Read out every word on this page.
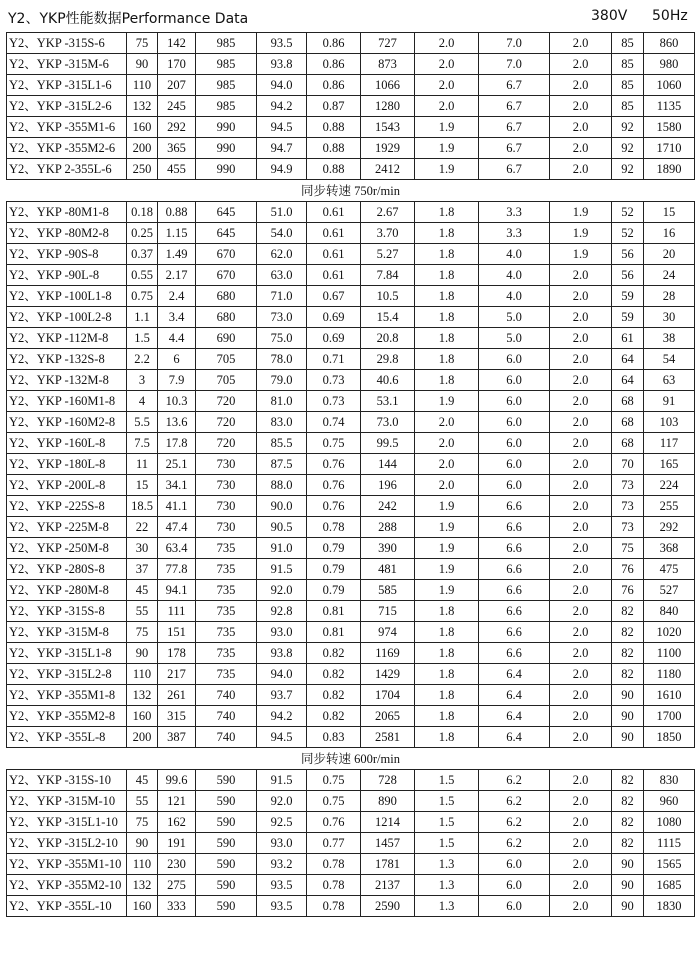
Y2、YKP性能数据Performance Data	380V 50Hz
Y2、YKP -315S-6	75	142	985	93.5	0.86	727	2.0	7.0	2.0	85	860
Y2、YKP -315M-6	90	170	985	93.8	0.86	873	2.0	7.0	2.0	85	980
Y2、YKP -315L1-6	110	207	985	94.0	0.86	1066	2.0	6.7	2.0	85	1060
Y2、YKP -315L2-6	132	245	985	94.2	0.87	1280	2.0	6.7	2.0	85	1135
Y2、YKP -355M1-6	160	292	990	94.5	0.88	1543	1.9	6.7	2.0	92	1580
Y2、YKP -355M2-6	200	365	990	94.7	0.88	1929	1.9	6.7	2.0	92	1710
Y2、YKP 2-355L-6	250	455	990	94.9	0.88	2412	1.9	6.7	2.0	92	1890
同步转速 750r/min											
Y2、YKP -80M1-8	0.18	0.88	645	51.0	0.61	2.67	1.8	3.3	1.9	52	15
Y2、YKP -80M2-8	0.25	1.15	645	54.0	0.61	3.70	1.8	3.3	1.9	52	16
Y2、YKP -90S-8	0.37	1.49	670	62.0	0.61	5.27	1.8	4.0	1.9	56	20
Y2、YKP -90L-8	0.55	2.17	670	63.0	0.61	7.84	1.8	4.0	2.0	56	24
Y2、YKP -100L1-8	0.75	2.4	680	71.0	0.67	10.5	1.8	4.0	2.0	59	28
Y2、YKP -100L2-8	1.1	3.4	680	73.0	0.69	15.4	1.8	5.0	2.0	59	30
Y2、YKP -112M-8	1.5	4.4	690	75.0	0.69	20.8	1.8	5.0	2.0	61	38
Y2、YKP -132S-8	2.2	6	705	78.0	0.71	29.8	1.8	6.0	2.0	64	54
Y2、YKP -132M-8	3	7.9	705	79.0	0.73	40.6	1.8	6.0	2.0	64	63
Y2、YKP -160M1-8	4	10.3	720	81.0	0.73	53.1	1.9	6.0	2.0	68	91
Y2、YKP -160M2-8	5.5	13.6	720	83.0	0.74	73.0	2.0	6.0	2.0	68	103
Y2、YKP -160L-8	7.5	17.8	720	85.5	0.75	99.5	2.0	6.0	2.0	68	117
Y2、YKP -180L-8	11	25.1	730	87.5	0.76	144	2.0	6.0	2.0	70	165
Y2、YKP -200L-8	15	34.1	730	88.0	0.76	196	2.0	6.0	2.0	73	224
Y2、YKP -225S-8	18.5	41.1	730	90.0	0.76	242	1.9	6.6	2.0	73	255
Y2、YKP -225M-8	22	47.4	730	90.5	0.78	288	1.9	6.6	2.0	73	292
Y2、YKP -250M-8	30	63.4	735	91.0	0.79	390	1.9	6.6	2.0	75	368
Y2、YKP -280S-8	37	77.8	735	91.5	0.79	481	1.9	6.6	2.0	76	475
Y2、YKP -280M-8	45	94.1	735	92.0	0.79	585	1.9	6.6	2.0	76	527
Y2、YKP -315S-8	55	111	735	92.8	0.81	715	1.8	6.6	2.0	82	840
Y2、YKP -315M-8	75	151	735	93.0	0.81	974	1.8	6.6	2.0	82	1020
Y2、YKP -315L1-8	90	178	735	93.8	0.82	1169	1.8	6.6	2.0	82	1100
Y2、YKP -315L2-8	110	217	735	94.0	0.82	1429	1.8	6.4	2.0	82	1180
Y2、YKP -355M1-8	132	261	740	93.7	0.82	1704	1.8	6.4	2.0	90	1610
Y2、YKP -355M2-8	160	315	740	94.2	0.82	2065	1.8	6.4	2.0	90	1700
Y2、YKP -355L-8	200	387	740	94.5	0.83	2581	1.8	6.4	2.0	90	1850
同步转速 600r/min											
Y2、YKP -315S-10	45	99.6	590	91.5	0.75	728	1.5	6.2	2.0	82	830
Y2、YKP -315M-10	55	121	590	92.0	0.75	890	1.5	6.2	2.0	82	960
Y2、YKP -315L1-10	75	162	590	92.5	0.76	1214	1.5	6.2	2.0	82	1080
Y2、YKP -315L2-10	90	191	590	93.0	0.77	1457	1.5	6.2	2.0	82	1115
Y2、YKP -355M1-10	110	230	590	93.2	0.78	1781	1.3	6.0	2.0	90	1565
Y2、YKP -355M2-10	132	275	590	93.5	0.78	2137	1.3	6.0	2.0	90	1685
Y2、YKP -355L-10	160	333	590	93.5	0.78	2590	1.3	6.0	2.0	90	1830
